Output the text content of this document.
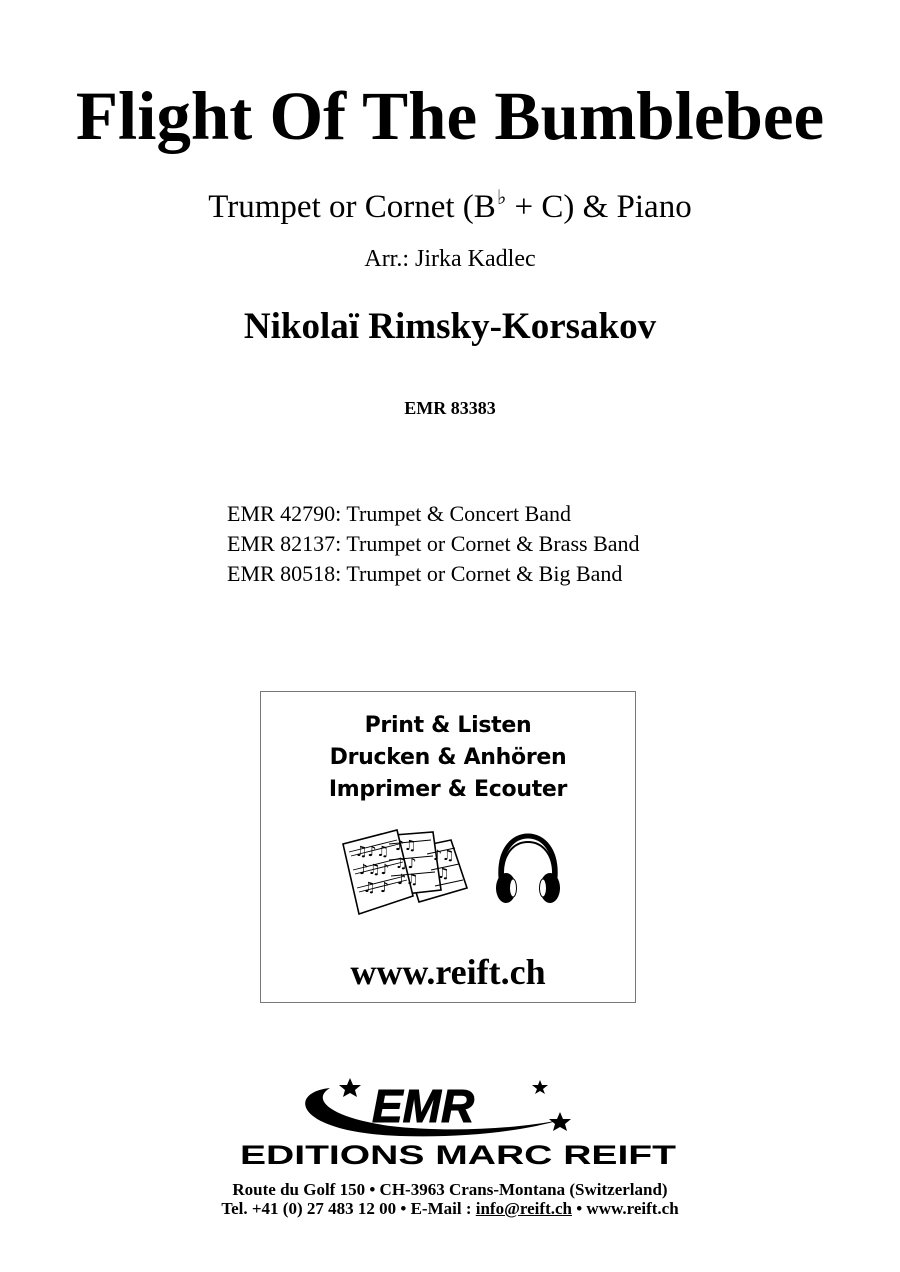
Flight Of The Bumblebee
Trumpet or Cornet (B♭ + C) & Piano
Arr.: Jirka Kadlec
Nikolaï Rimsky-Korsakov
EMR 83383
EMR 42790: Trumpet & Concert Band
EMR 82137: Trumpet or Cornet & Brass Band
EMR 80518: Trumpet or Cornet & Big Band
Print & Listen
Drucken & Anhören
Imprimer & Ecouter
♫♪♫
♪♫♪
♫ ♪
♪♫
♫♪
♪♫
♪♫
♫
www.reift.ch
EMR
EDITIONS MARC REIFT
Route du Golf 150 • CH-3963 Crans-Montana (Switzerland)
Tel. +41 (0) 27 483 12 00 • E-Mail : info@reift.ch • www.reift.ch
